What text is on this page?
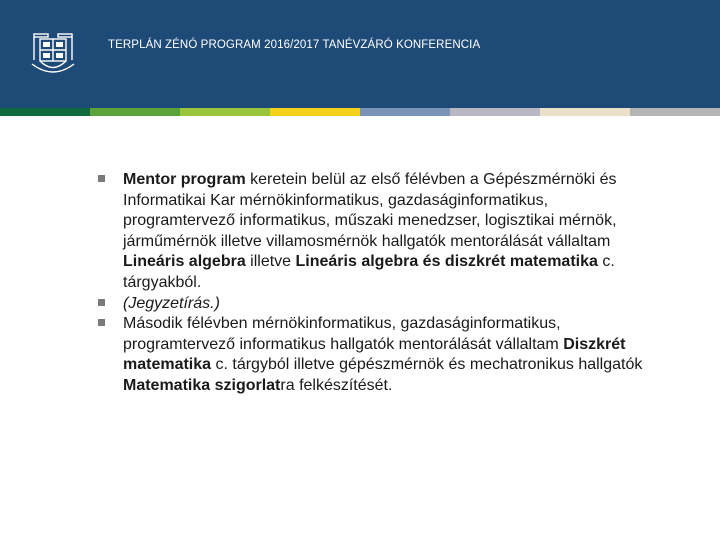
TERPLÁN ZÉNÓ PROGRAM 2016/2017 TANÉVZÁRÓ KONFERENCIA

Mentor program keretein belül az első félévben a Gépészmérnöki és Informatikai Kar mérnökinformatikus, gazdaságinformatikus, programtervező informatikus, műszaki menedzser, logisztikai mérnök, járműmérnök illetve villamosmérnök hallgatók mentorálását vállaltam Lineáris algebra illetve Lineáris algebra és diszkrét matematika c. tárgyakból.

(Jegyzetírás.)

Második félévben mérnökinformatikus, gazdaságinformatikus, programtervező informatikus hallgatók mentorálását vállaltam Diszkrét matematika c. tárgyból illetve gépészmérnök és mechatronikus hallgatók Matematika szigorlatra felkészítését.
